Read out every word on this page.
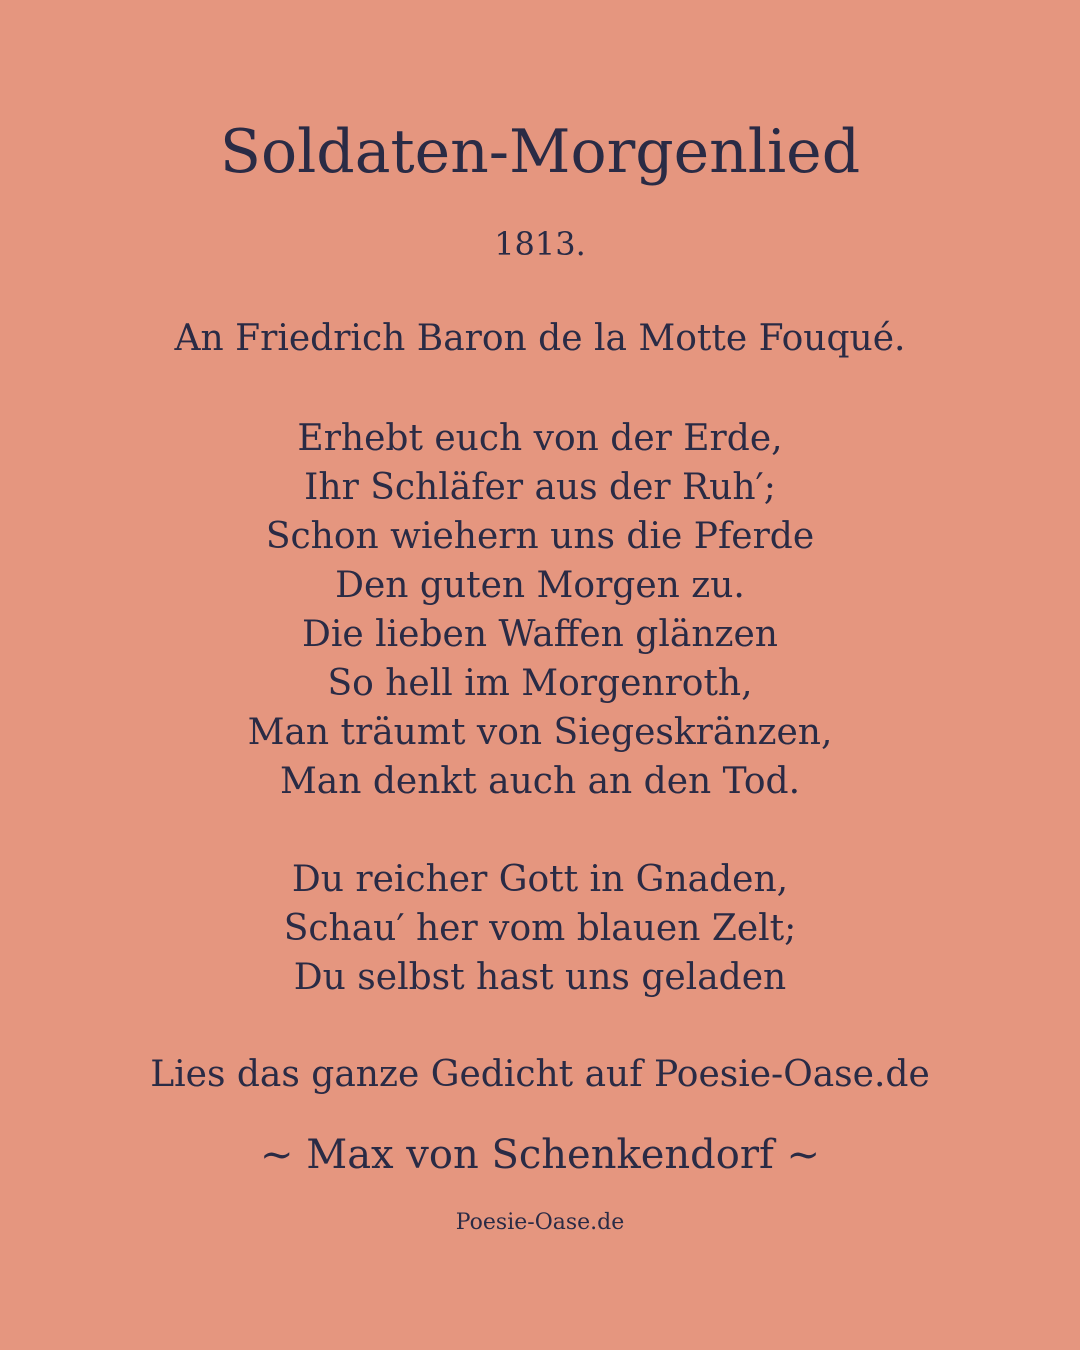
Soldaten-Morgenlied
1813.
An Friedrich Baron de la Motte Fouqué.
Erhebt euch von der Erde,
Ihr Schläfer aus der Ruh′;
Schon wiehern uns die Pferde
Den guten Morgen zu.
Die lieben Waffen glänzen
So hell im Morgenroth,
Man träumt von Siegeskränzen,
Man denkt auch an den Tod.
Du reicher Gott in Gnaden,
Schau′ her vom blauen Zelt;
Du selbst hast uns geladen
Lies das ganze Gedicht auf Poesie-Oase.de
~ Max von Schenkendorf ~
Poesie-Oase.de
